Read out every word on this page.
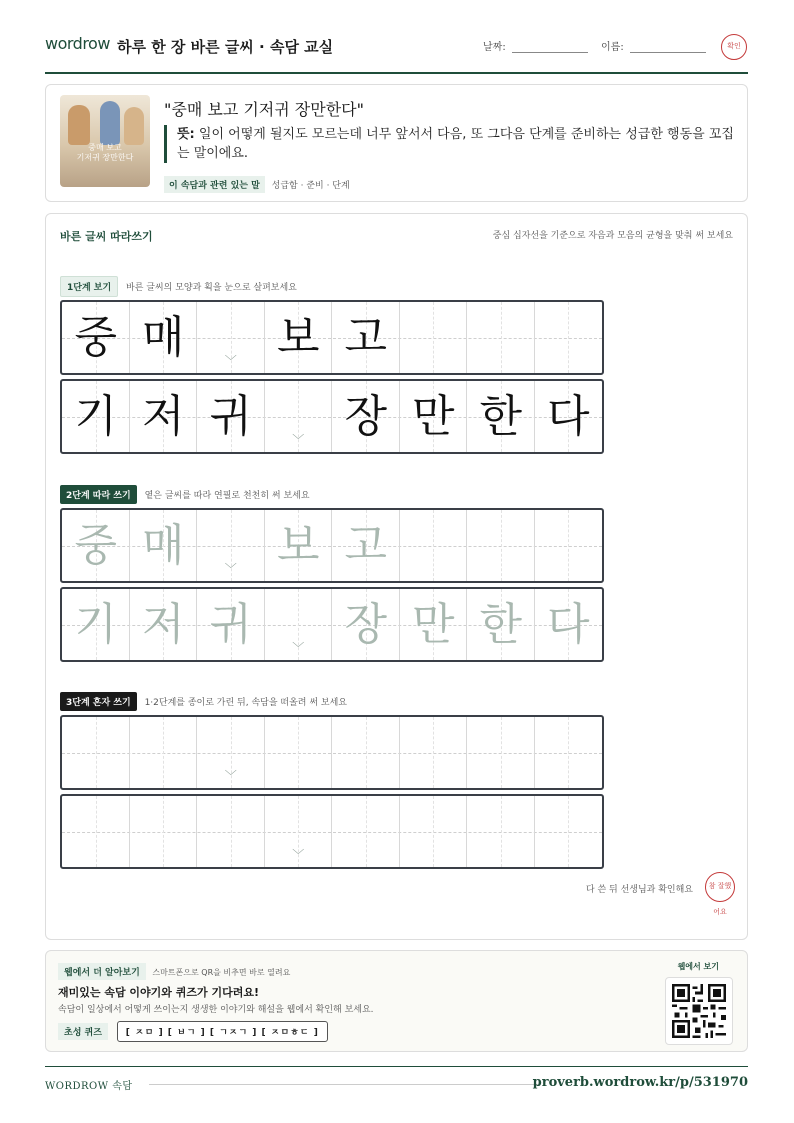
wordrow 하루 한 장 바른 글씨 · 속담 교실	날짜:	이름:	확인
중매 보고
기저귀 장만한다
"중매 보고 기저귀 장만한다"
뜻: 일이 어떻게 될지도 모르는데 너무 앞서서 다음, 또 그다음 단계를 준비하는 성급한 행동을 꼬집는 말이에요.
이 속담과 관련 있는 말 성급함 · 준비 · 단계
바른 글씨 따라쓰기	중심 십자선을 기준으로 자음과 모음의 균형을 맞춰 써 보세요
1단계 보기 바른 글씨의 모양과 획을 눈으로 살펴보세요
중 매	﹀ 보 고
기 저 귀	﹀ 장 만 한 다
2단계 따라 쓰기 옅은 글씨를 따라 연필로 천천히 써 보세요
중 매	﹀ 보 고
기 저 귀	﹀ 장 만 한 다
3단계 혼자 쓰기 1·2단계를 종이로 가린 뒤, 속담을 떠올려 써 보세요
﹀
﹀
다 쓴 뒤 선생님과 확인해요	참 잘했어요
웹에서 더 알아보기 스마트폰으로 QR을 비추면 바로 열려요
재미있는 속담 이야기와 퀴즈가 기다려요!
속담이 일상에서 어떻게 쓰이는지 생생한 이야기와 해설을 웹에서 확인해 보세요.
초성 퀴즈	[ ㅈㅁ ] [ ㅂㄱ ] [ ㄱㅈㄱ ] [ ㅈㅁㅎㄷ ]
웹에서 보기
WORDROW 속담	proverb.wordrow.kr/p/531970
